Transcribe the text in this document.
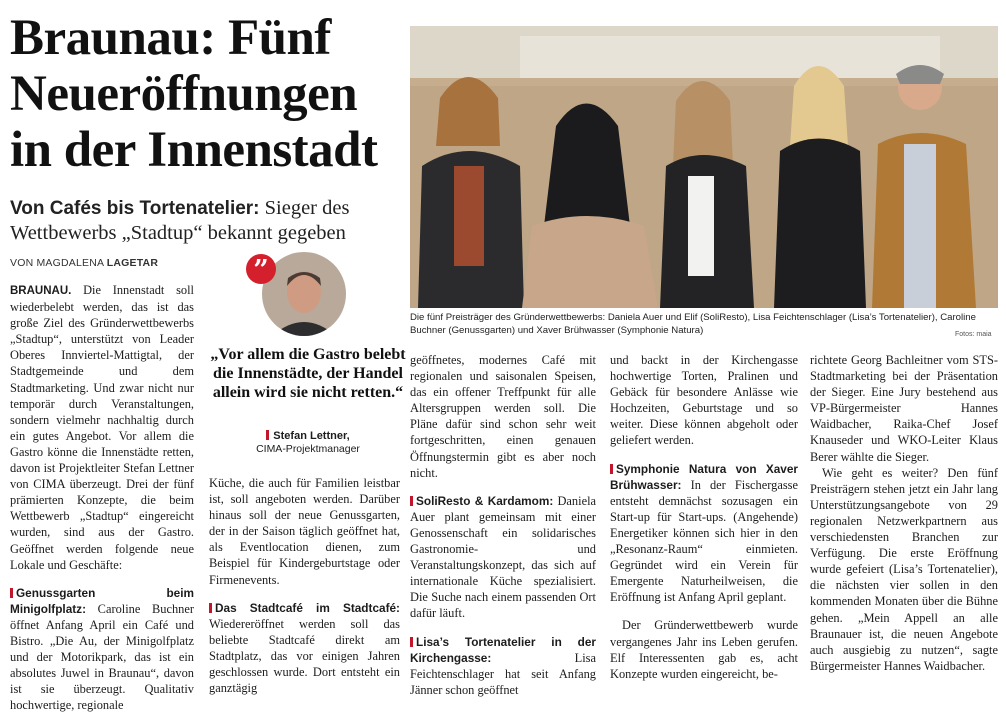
Braunau: Fünf Neueröffnungen in der Innenstadt
Von Cafés bis Tortenatelier: Sieger des Wettbewerbs „Stadtup“ bekannt gegeben
VON MAGDALENA LAGETAR
Die fünf Preisträger des Gründerwettbewerbs: Daniela Auer und Elif (SoliResto), Lisa Feichtenschlager (Lisa’s Tortenatelier), Caroline Buchner (Genussgarten) und Xaver Brühwasser (Symphonie Natura)	Fotos: maia
”
„Vor allem die Gastro belebt die Innenstädte, der Handel allein wird sie nicht retten.“
Stefan Lettner,
CIMA-Projektmanager

BRAUNAU. Die Innenstadt soll wiederbelebt werden, das ist das große Ziel des Gründerwettbewerbs „Stadtup“, unterstützt von Leader Oberes Innviertel-Mattigtal, der Stadtgemeinde und dem Stadtmarketing. Und zwar nicht nur temporär durch Veranstaltungen, sondern vielmehr nachhaltig durch ein gutes Angebot. Vor allem die Gastro könne die Innenstädte retten, davon ist Projektleiter Stefan Lettner von CIMA überzeugt. Drei der fünf prämierten Konzepte, die beim Wettbewerb „Stadtup“ eingereicht wurden, sind aus der Gastro. Geöffnet werden folgende neue Lokale und Geschäfte:

Genussgarten beim Minigolfplatz: Caroline Buchner öffnet Anfang April ein Café und Bistro. „Die Au, der Minigolfplatz und der Motorikpark, das ist ein absolutes Juwel in Braunau“, davon ist sie überzeugt. Qualitativ hochwertige, regionale

Küche, die auch für Familien leistbar ist, soll angeboten werden. Darüber hinaus soll der neue Genussgarten, der in der Saison täglich geöffnet hat, als Eventlocation dienen, zum Beispiel für Kindergeburtstage oder Firmenevents.

Das Stadtcafé im Stadtcafé: Wiedereröffnet werden soll das beliebte Stadtcafé direkt am Stadtplatz, das vor einigen Jahren geschlossen wurde. Dort entsteht ein ganztägig

geöffnetes, modernes Café mit regionalen und saisonalen Speisen, das ein offener Treffpunkt für alle Altersgruppen werden soll. Die Pläne dafür sind schon sehr weit fortgeschritten, einen genauen Öffnungstermin gibt es aber noch nicht.

SoliResto & Kardamom: Daniela Auer plant gemeinsam mit einer Genossenschaft ein solidarisches Gastronomie- und Veranstaltungskonzept, das sich auf internationale Küche spezialisiert. Die Suche nach einem passenden Ort dafür läuft.

Lisa’s Tortenatelier in der Kirchengasse: Lisa Feichtenschlager hat seit Anfang Jänner schon geöffnet

und backt in der Kirchengasse hochwertige Torten, Pralinen und Gebäck für besondere Anlässe wie Hochzeiten, Geburtstage und so weiter. Diese können abgeholt oder geliefert werden.

Symphonie Natura von Xaver Brühwasser: In der Fischergasse entsteht demnächst sozusagen ein Start-up für Start-ups. (Angehende) Energetiker können sich hier in den „Resonanz-Raum“ einmieten. Gegründet wird ein Verein für Emergente Naturheilweisen, die Eröffnung ist Anfang April geplant.

Der Gründerwettbewerb wurde vergangenes Jahr ins Leben gerufen. Elf Interessenten gab es, acht Konzepte wurden eingereicht, be-

richtete Georg Bachleitner vom STS-Stadtmarketing bei der Präsentation der Sieger. Eine Jury bestehend aus VP-Bürgermeister Hannes Waidbacher, Raika-Chef Josef Knauseder und WKO-Leiter Klaus Berer wählte die Sieger.

Wie geht es weiter? Den fünf Preisträgern stehen jetzt ein Jahr lang Unterstützungsangebote von 29 regionalen Netzwerkpartnern aus verschiedensten Branchen zur Verfügung. Die erste Eröffnung wurde gefeiert (Lisa’s Tortenatelier), die nächsten vier sollen in den kommenden Monaten über die Bühne gehen. „Mein Appell an alle Braunauer ist, die neuen Angebote auch ausgiebig zu nutzen“, sagte Bürgermeister Hannes Waidbacher.
